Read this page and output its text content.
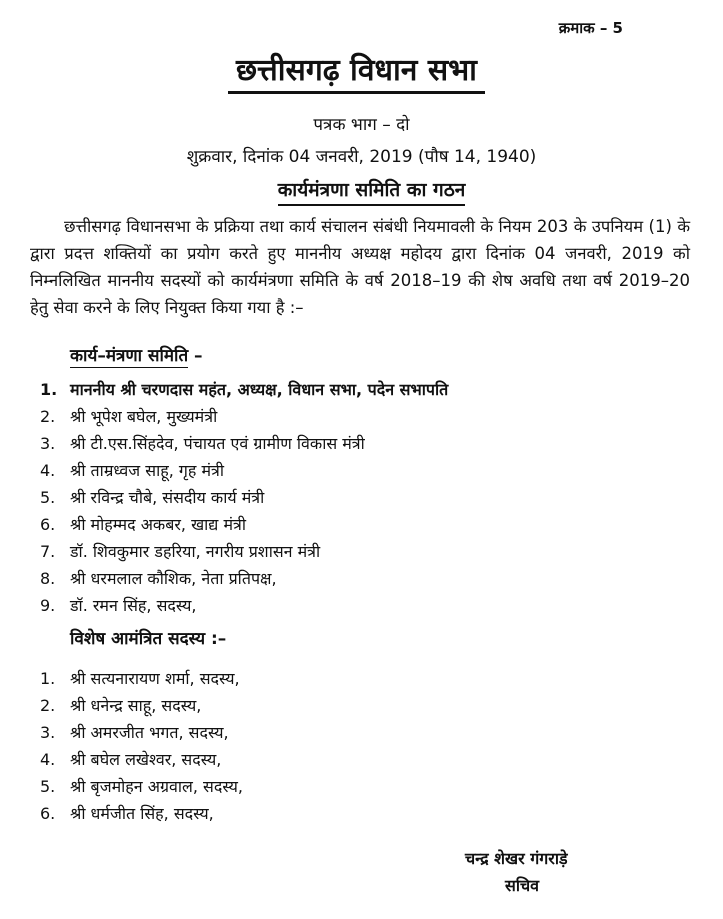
क्रमाक – 5
छत्तीसगढ़ विधान सभा
पत्रक भाग – दो
शुक्रवार, दिनांक 04 जनवरी, 2019 (पौष 14, 1940)
कार्यमंत्रणा समिति का गठन
छत्तीसगढ़ विधानसभा के प्रक्रिया तथा कार्य संचालन संबंधी नियमावली के नियम 203 के उपनियम (1) के द्वारा प्रदत्त शक्तियों का प्रयोग करते हुए माननीय अध्यक्ष महोदय द्वारा दिनांक 04 जनवरी, 2019 को निम्नलिखित माननीय सदस्यों को कार्यमंत्रणा समिति के वर्ष 2018–19 की शेष अवधि तथा वर्ष 2019–20 हेतु सेवा करने के लिए नियुक्त किया गया है :–
कार्य–मंत्रणा समिति –
1. माननीय श्री चरणदास महंत, अध्यक्ष, विधान सभा, पदेन सभापति
2. श्री भूपेश बघेल, मुख्यमंत्री
3. श्री टी.एस.सिंहदेव, पंचायत एवं ग्रामीण विकास मंत्री
4. श्री ताम्रध्वज साहू, गृह मंत्री
5. श्री रविन्द्र चौबे, संसदीय कार्य मंत्री
6. श्री मोहम्मद अकबर, खाद्य मंत्री
7. डॉ. शिवकुमार डहरिया, नगरीय प्रशासन मंत्री
8. श्री धरमलाल कौशिक, नेता प्रतिपक्ष,
9. डॉ. रमन सिंह, सदस्य,
विशेष आमंत्रित सदस्य :–
1. श्री सत्यनारायण शर्मा, सदस्य,
2. श्री धनेन्द्र साहू, सदस्य,
3. श्री अमरजीत भगत, सदस्य,
4. श्री बघेल लखेश्वर, सदस्य,
5. श्री बृजमोहन अग्रवाल, सदस्य,
6. श्री धर्मजीत सिंह, सदस्य,
चन्द्र शेखर गंगराड़े
सचिव
